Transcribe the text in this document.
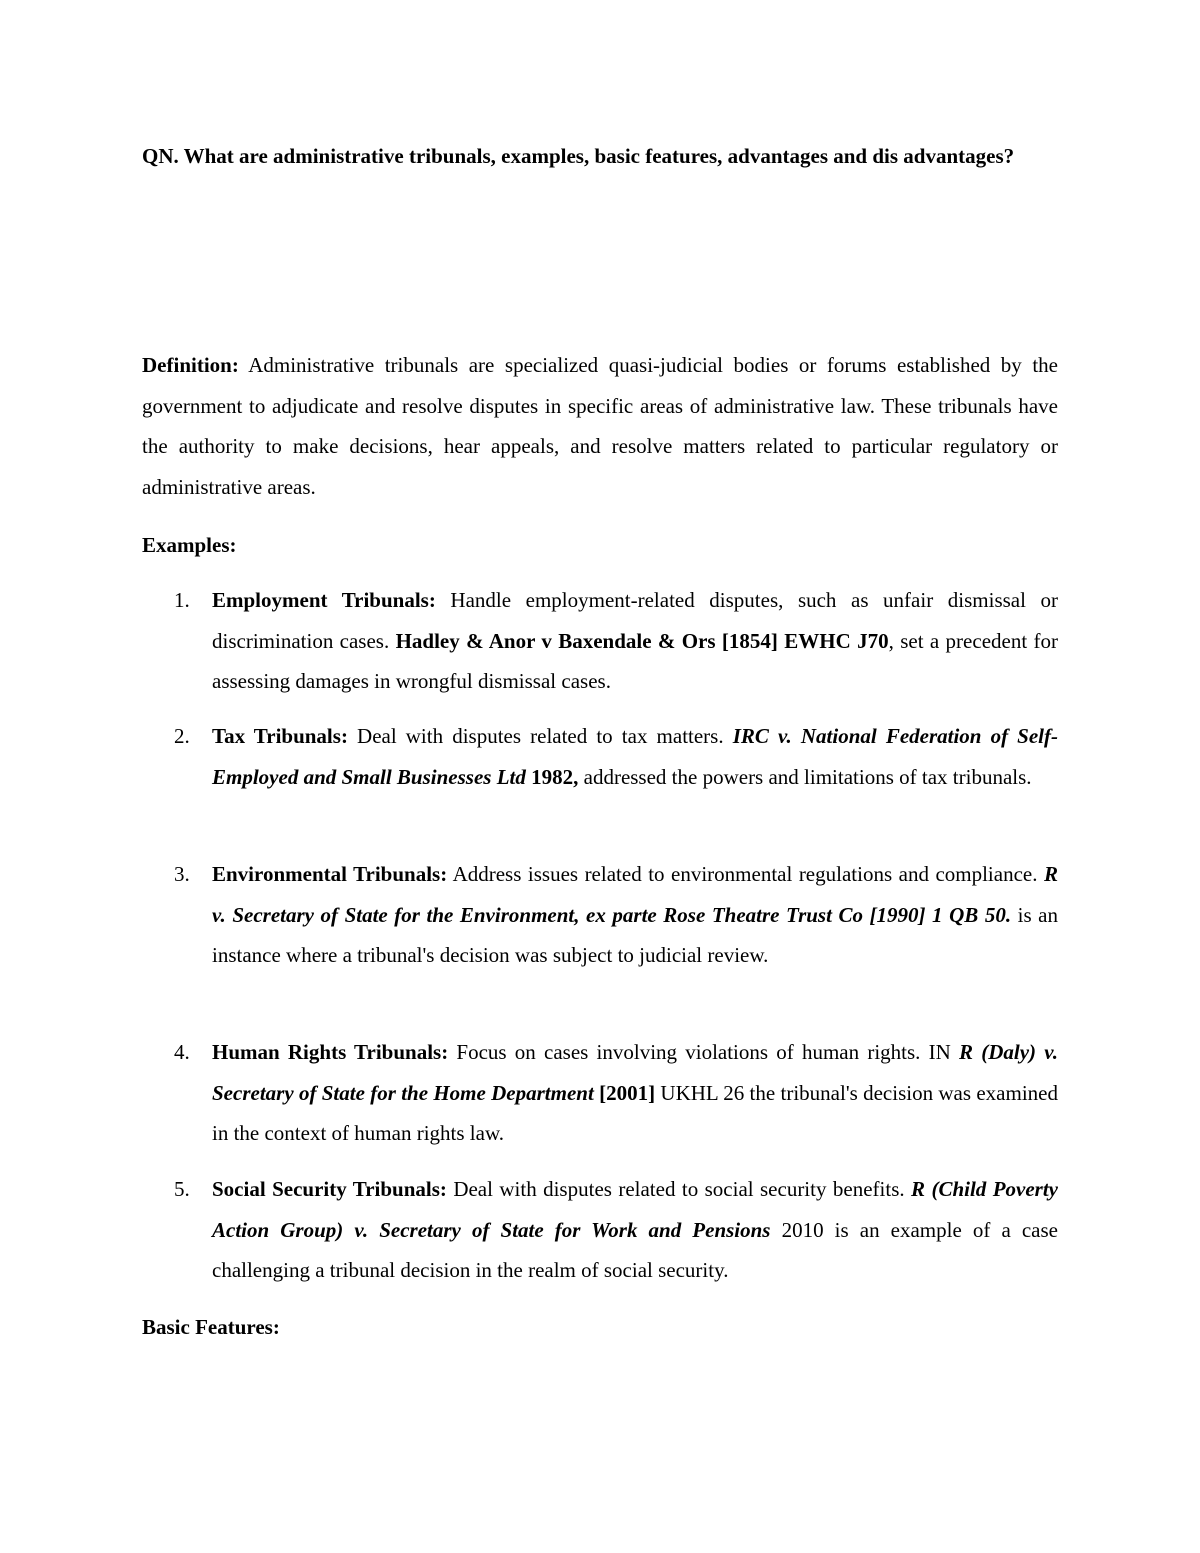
QN. What are administrative tribunals, examples, basic features, advantages and dis advantages?
Definition: Administrative tribunals are specialized quasi-judicial bodies or forums established by the government to adjudicate and resolve disputes in specific areas of administrative law. These tribunals have the authority to make decisions, hear appeals, and resolve matters related to particular regulatory or administrative areas.
Examples:
1. Employment Tribunals: Handle employment-related disputes, such as unfair dismissal or discrimination cases. Hadley & Anor v Baxendale & Ors [1854] EWHC J70, set a precedent for assessing damages in wrongful dismissal cases.
2. Tax Tribunals: Deal with disputes related to tax matters. IRC v. National Federation of Self-Employed and Small Businesses Ltd 1982, addressed the powers and limitations of tax tribunals.
3. Environmental Tribunals: Address issues related to environmental regulations and compliance. R v. Secretary of State for the Environment, ex parte Rose Theatre Trust Co [1990] 1 QB 50. is an instance where a tribunal's decision was subject to judicial review.
4. Human Rights Tribunals: Focus on cases involving violations of human rights. IN R (Daly) v. Secretary of State for the Home Department [2001] UKHL 26 the tribunal's decision was examined in the context of human rights law.
5. Social Security Tribunals: Deal with disputes related to social security benefits. R (Child Poverty Action Group) v. Secretary of State for Work and Pensions 2010 is an example of a case challenging a tribunal decision in the realm of social security.
Basic Features:
